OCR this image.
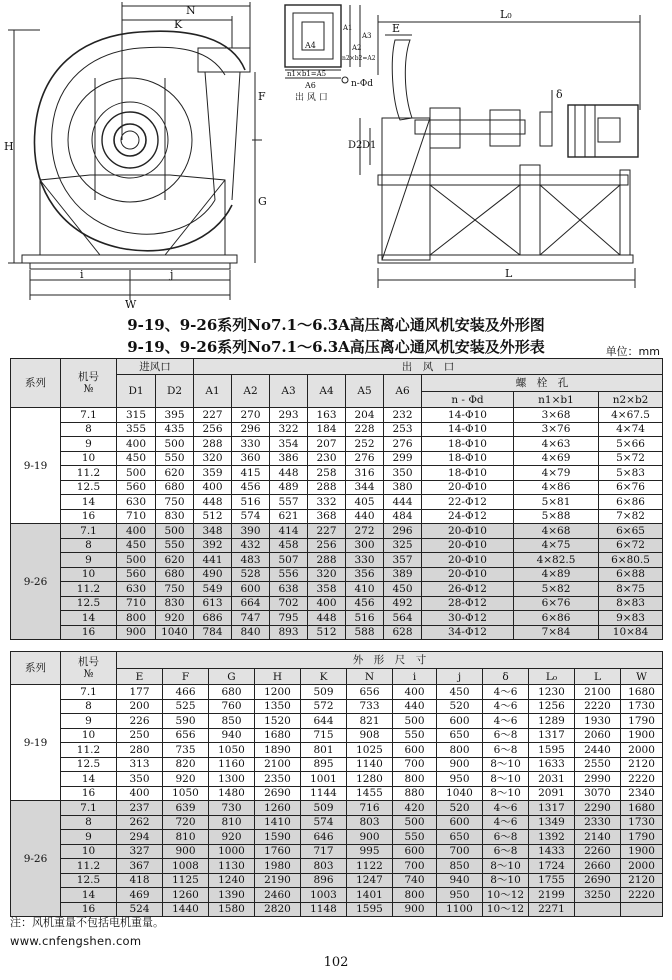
N
K
H
F
G
i	j
W
L₀
E
D2 D1
δ
L
A4
A6
A1
A3
A2
n2×b2=A2
n1×b1=A5
n-Φd
出 风 口
9-19、9-26系列No7.1～6.3A高压离心通风机安装及外形图
9-19、9-26系列No7.1～6.3A高压离心通风机安装及外形表	单位：mm
系列	机号
№	进风口		出　风　口								
		D1	D2	A1	A2	A3	A4	A5	A6	螺　栓　孔		
										n - Φd	n1×b1	n2×b2
9-19	7.1	315	395	227	270	293	163	204	232	14-Φ10	3×68	4×67.5
	8	355	435	256	296	322	184	228	253	14-Φ10	3×76	4×74
	9	400	500	288	330	354	207	252	276	18-Φ10	4×63	5×66
	10	450	550	320	360	386	230	276	299	18-Φ10	4×69	5×72
	11.2	500	620	359	415	448	258	316	350	18-Φ10	4×79	5×83
	12.5	560	680	400	456	489	288	344	380	20-Φ10	4×86	6×76
	14	630	750	448	516	557	332	405	444	22-Φ12	5×81	6×86
	16	710	830	512	574	621	368	440	484	24-Φ12	5×88	7×82
9-26	7.1	400	500	348	390	414	227	272	296	20-Φ10	4×68	6×65
	8	450	550	392	432	458	256	300	325	20-Φ10	4×75	6×72
	9	500	620	441	483	507	288	330	357	20-Φ10	4×82.5	6×80.5
	10	560	680	490	528	556	320	356	389	20-Φ10	4×89	6×88
	11.2	630	750	549	600	638	358	410	450	26-Φ12	5×82	8×75
	12.5	710	830	613	664	702	400	456	492	28-Φ12	6×76	8×83
	14	800	920	686	747	795	448	516	564	30-Φ12	6×86	9×83
	16	900	1040	784	840	893	512	588	628	34-Φ12	7×84	10×84
系列	机号
№	外　形　尺　寸											
		E	F	G	H	K	N	i	j	δ	L₀	L	W
9-19	7.1	177	466	680	1200	509	656	400	450	4～6	1230	2100	1680
	8	200	525	760	1350	572	733	440	520	4～6	1256	2220	1730
	9	226	590	850	1520	644	821	500	600	4～6	1289	1930	1790
	10	250	656	940	1680	715	908	550	650	6～8	1317	2060	1900
	11.2	280	735	1050	1890	801	1025	600	800	6～8	1595	2440	2000
	12.5	313	820	1160	2100	895	1140	700	900	8～10	1633	2550	2120
	14	350	920	1300	2350	1001	1280	800	950	8～10	2031	2990	2220
	16	400	1050	1480	2690	1144	1455	880	1040	8～10	2091	3070	2340
9-26	7.1	237	639	730	1260	509	716	420	520	4～6	1317	2290	1680
	8	262	720	810	1410	574	803	500	600	4～6	1349	2330	1730
	9	294	810	920	1590	646	900	550	650	6～8	1392	2140	1790
	10	327	900	1000	1760	717	995	600	700	6～8	1433	2260	1900
	11.2	367	1008	1130	1980	803	1122	700	850	8～10	1724	2660	2000
	12.5	418	1125	1240	2190	896	1247	740	940	8～10	1755	2690	2120
	14	469	1260	1390	2460	1003	1401	800	950	10～12	2199	3250	2220
	16	524	1440	1580	2820	1148	1595	900	1100	10～12	2271		
注：风机重量不包括电机重量。
www.cnfengshen.com
102
